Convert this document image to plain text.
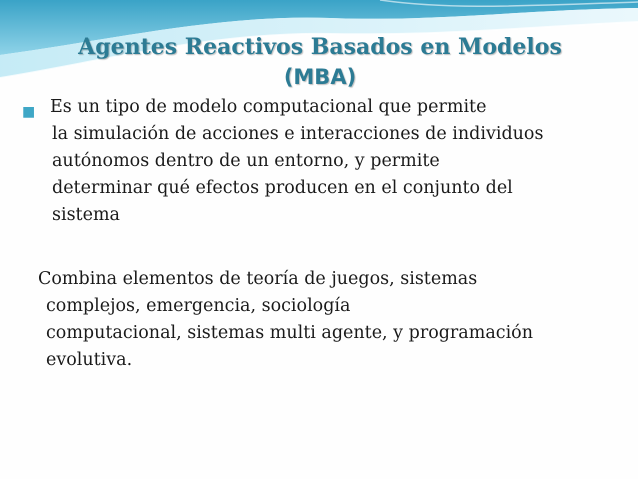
Agentes Reactivos Basados en Modelos
(MBA)
■ Es un tipo de modelo computacional que permite
la simulación de acciones e interacciones de individuos
autónomos dentro de un entorno, y permite
determinar qué efectos producen en el conjunto del
sistema
Combina elementos de teoría de juegos, sistemas
complejos, emergencia, sociología
computacional, sistemas multi agente, y programación
evolutiva.
